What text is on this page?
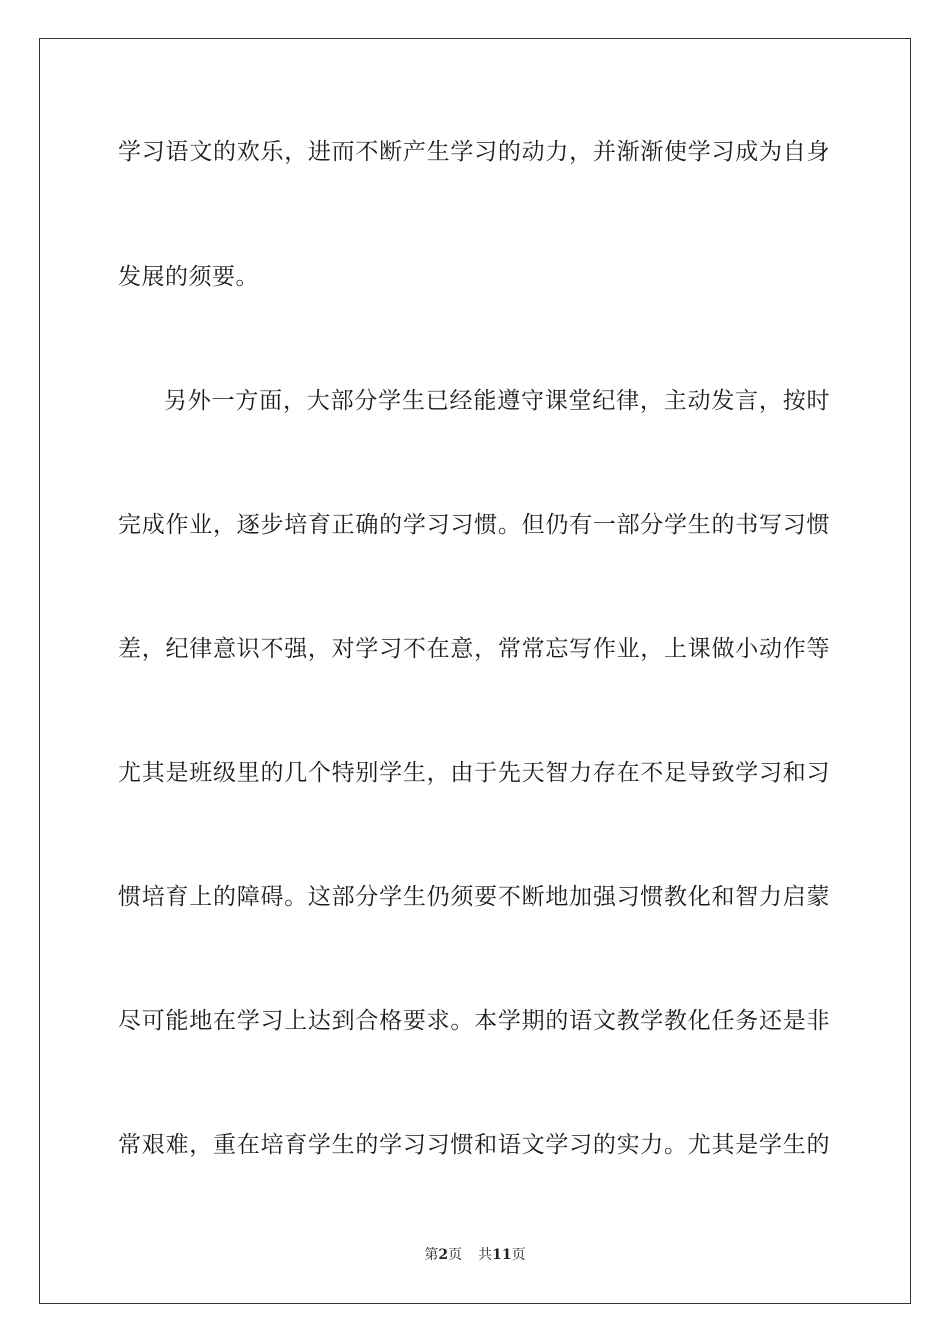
学习语文的欢乐，进而不断产生学习的动力，并渐渐使学习成为自身
发展的须要。
另外一方面，大部分学生已经能遵守课堂纪律，主动发言，按时
完成作业，逐步培育正确的学习习惯。但仍有一部分学生的书写习惯
差，纪律意识不强，对学习不在意，常常忘写作业，上课做小动作等
尤其是班级里的几个特别学生，由于先天智力存在不足导致学习和习
惯培育上的障碍。这部分学生仍须要不断地加强习惯教化和智力启蒙
尽可能地在学习上达到合格要求。本学期的语文教学教化任务还是非
常艰难，重在培育学生的学习习惯和语文学习的实力。尤其是学生的
第2页 共11页
